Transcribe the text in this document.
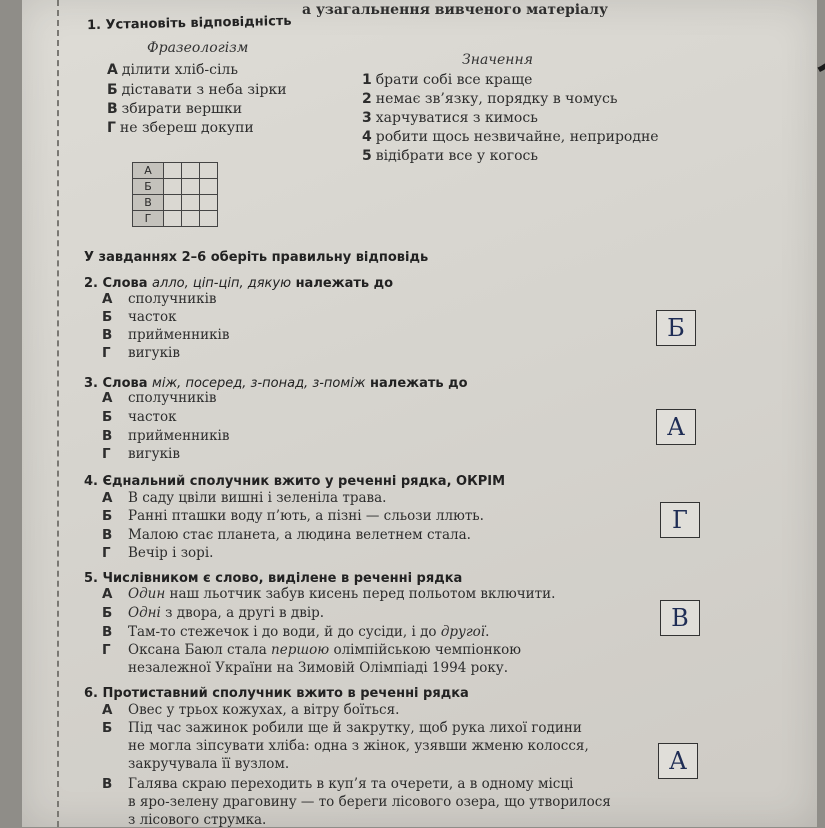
а узагальнення вивченого матеріалу
1. Установіть відповідність
Фразеологізм
Значення
А ділити хліб-сіль
Б діставати з неба зірки
В збирати вершки
Г не збереш докупи
1 брати собі все краще
2 немає зв’язку, порядку в чомусь
3 харчуватися з кимось
4 робити щось незвичайне, неприродне
5 відібрати все у когось
А			
Б			
В			
Г			
У завданнях 2–6 оберіть правильну відповідь
2. Слова алло, ціп-ціп, дякую належать до
А сполучників
Б часток
В прийменників
Г вигуків
Б
3. Слова між, посеред, з-понад, з-поміж належать до
А сполучників
Б часток
В прийменників
Г вигуків
А
4. Єднальний сполучник вжито у реченні рядка, ОКРІМ
А В саду цвіли вишні і зеленіла трава.
Б Ранні пташки воду п’ють, а пізні — сльози ллють.
В Малою стає планета, а людина велетнем стала.
Г Вечір і зорі.
Г
5. Числівником є слово, виділене в реченні рядка
А Один наш льотчик забув кисень перед польотом включити.
Б Одні з двора, а другі в двір.
В Там-то стежечок і до води, й до сусіди, і до другої.
Г Оксана Баюл стала першою олімпійською чемпіонкою
незалежної України на Зимовій Олімпіаді 1994 року.
В
6. Протиставний сполучник вжито в реченні рядка
А Овес у трьох кожухах, а вітру боїться.
Б Під час зажинок робили ще й закрутку, щоб рука лихої години
не могла зіпсувати хліба: одна з жінок, узявши жменю колосся,
закручувала її вузлом.
В Галява скраю переходить в куп’я та очерети, а в одному місці
в яро-зелену драговину — то береги лісового озера, що утворилося
з лісового струмка.
А
